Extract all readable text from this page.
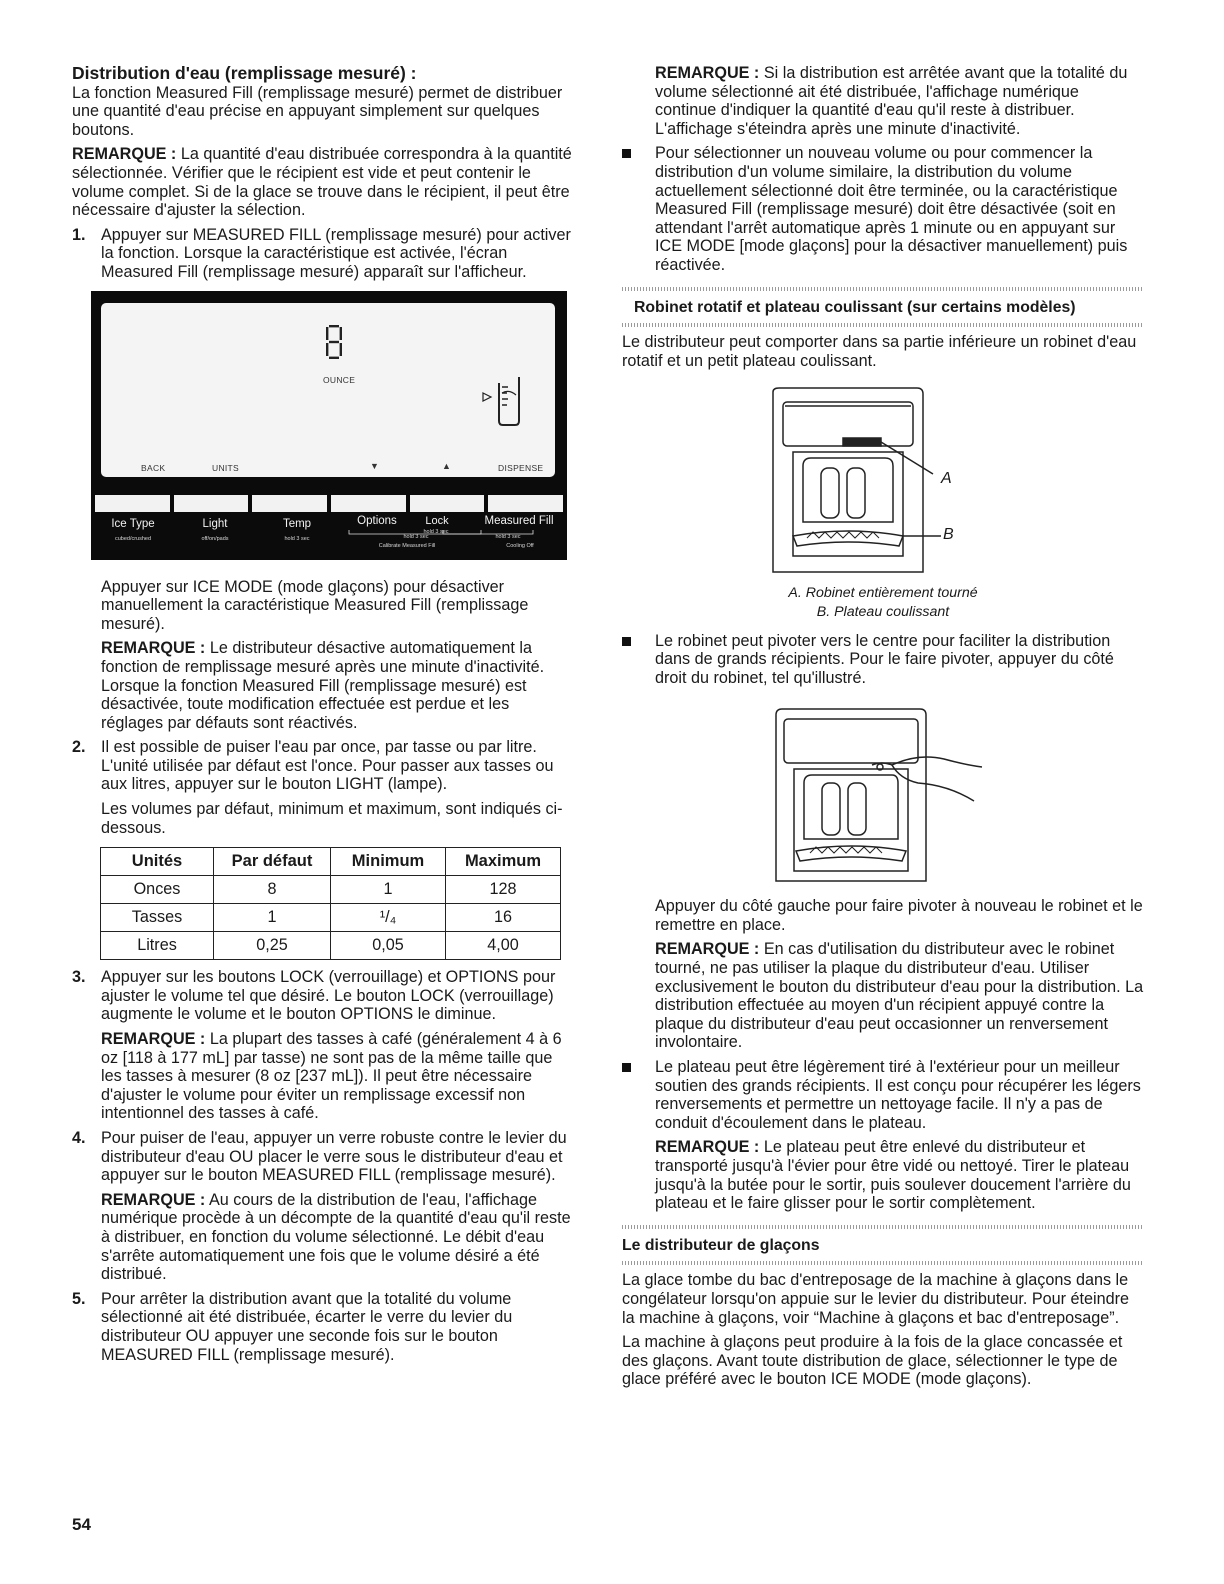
Distribution d'eau (remplissage mesuré) :

La fonction Measured Fill (remplissage mesuré) permet de distribuer une quantité d'eau précise en appuyant simplement sur quelques boutons.

REMARQUE : La quantité d'eau distribuée correspondra à la quantité sélectionnée. Vérifier que le récipient est vide et peut contenir le volume complet. Si de la glace se trouve dans le récipient, il peut être nécessaire d'ajuster la sélection.

1. Appuyer sur MEASURED FILL (remplissage mesuré) pour activer la fonction. Lorsque la caractéristique est activée, l'écran Measured Fill (remplissage mesuré) apparaît sur l'afficheur.
OUNCE
BACK	UNITS	▼	▲	DISPENSE
Ice Type
cubed/crushed
Light
off/on/pads
Temp
hold 3 sec
Options
hold 3 sec
Lock
hold 3 sec
Measured Fill
hold 3 sec
Calibrate Measured Fill	Cooling Off

Appuyer sur ICE MODE (mode glaçons) pour désactiver manuellement la caractéristique Measured Fill (remplissage mesuré).

REMARQUE : Le distributeur désactive automatiquement la fonction de remplissage mesuré après une minute d'inactivité. Lorsque la fonction Measured Fill (remplissage mesuré) est désactivée, toute modification effectuée est perdue et les réglages par défauts sont réactivés.

2. Il est possible de puiser l'eau par once, par tasse ou par litre. L'unité utilisée par défaut est l'once. Pour passer aux tasses ou aux litres, appuyer sur le bouton LIGHT (lampe).

Les volumes par défaut, minimum et maximum, sont indiqués ci-dessous.

Unités	Par défaut	Minimum	Maximum
Onces	8	1	128
Tasses	1	¹/₄	16
Litres	0,25	0,05	4,00
3. Appuyer sur les boutons LOCK (verrouillage) et OPTIONS pour ajuster le volume tel que désiré. Le bouton LOCK (verrouillage) augmente le volume et le bouton OPTIONS le diminue.

REMARQUE : La plupart des tasses à café (généralement 4 à 6 oz [118 à 177 mL] par tasse) ne sont pas de la même taille que les tasses à mesurer (8 oz [237 mL]). Il peut être nécessaire d'ajuster le volume pour éviter un remplissage excessif non intentionnel des tasses à café.

4. Pour puiser de l'eau, appuyer un verre robuste contre le levier du distributeur d'eau OU placer le verre sous le distributeur d'eau et appuyer sur le bouton MEASURED FILL (remplissage mesuré).

REMARQUE : Au cours de la distribution de l'eau, l'affichage numérique procède à un décompte de la quantité d'eau qu'il reste à distribuer, en fonction du volume sélectionné. Le débit d'eau s'arrête automatiquement une fois que le volume désiré a été distribué.

5. Pour arrêter la distribution avant que la totalité du volume sélectionné ait été distribuée, écarter le verre du levier du distributeur OU appuyer une seconde fois sur le bouton MEASURED FILL (remplissage mesuré).

REMARQUE : Si la distribution est arrêtée avant que la totalité du volume sélectionné ait été distribuée, l'affichage numérique continue d'indiquer la quantité d'eau qu'il reste à distribuer. L'affichage s'éteindra après une minute d'inactivité.

Pour sélectionner un nouveau volume ou pour commencer la distribution d'un volume similaire, la distribution du volume actuellement sélectionné doit être terminée, ou la caractéristique Measured Fill (remplissage mesuré) doit être désactivée (soit en attendant l'arrêt automatique après 1 minute ou en appuyant sur ICE MODE [mode glaçons] pour la désactiver manuellement) puis réactivée.
Robinet rotatif et plateau coulissant (sur certains modèles)

Le distributeur peut comporter dans sa partie inférieure un robinet d'eau rotatif et un petit plateau coulissant.

A
B
A. Robinet entièrement tourné
B. Plateau coulissant
Le robinet peut pivoter vers le centre pour faciliter la distribution dans de grands récipients. Pour le faire pivoter, appuyer du côté droit du robinet, tel qu'illustré.

Appuyer du côté gauche pour faire pivoter à nouveau le robinet et le remettre en place.

REMARQUE : En cas d'utilisation du distributeur avec le robinet tourné, ne pas utiliser la plaque du distributeur d'eau. Utiliser exclusivement le bouton du distributeur d'eau pour la distribution. La distribution effectuée au moyen d'un récipient appuyé contre la plaque du distributeur d'eau peut occasionner un renversement involontaire.

Le plateau peut être légèrement tiré à l'extérieur pour un meilleur soutien des grands récipients. Il est conçu pour récupérer les légers renversements et permettre un nettoyage facile. Il n'y a pas de conduit d'écoulement dans le plateau.

REMARQUE : Le plateau peut être enlevé du distributeur et transporté jusqu'à l'évier pour être vidé ou nettoyé. Tirer le plateau jusqu'à la butée pour le sortir, puis soulever doucement l'arrière du plateau et le faire glisser pour le sortir complètement.

Le distributeur de glaçons

La glace tombe du bac d'entreposage de la machine à glaçons dans le congélateur lorsqu'on appuie sur le levier du distributeur. Pour éteindre la machine à glaçons, voir “Machine à glaçons et bac d'entreposage”.

La machine à glaçons peut produire à la fois de la glace concassée et des glaçons. Avant toute distribution de glace, sélectionner le type de glace préféré avec le bouton ICE MODE (mode glaçons).

54
